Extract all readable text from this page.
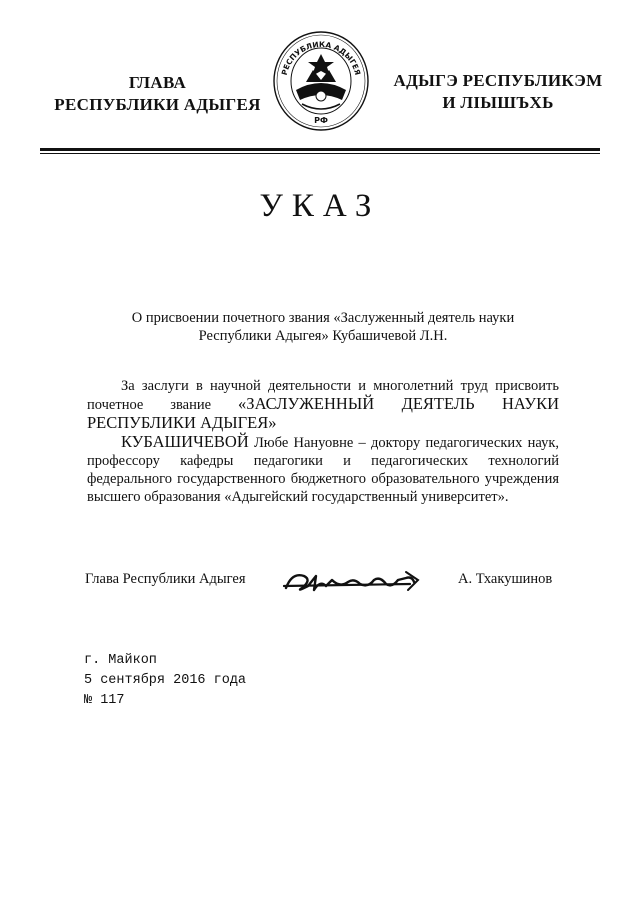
ГЛАВА
РЕСПУБЛИКИ АДЫГЕЯ
РЕСПУБЛИКА АДЫГЕЯ
РФ
АДЫГЭ РЕСПУБЛИКЭМ
И ЛІЫШЪХЬ
УКАЗ
О присвоении почетного звания «Заслуженный деятель науки
Республики Адыгея» Кубашичевой Л.Н.

За заслуги в научной деятельности и многолетний труд присвоить почетное звание «ЗАСЛУЖЕННЫЙ ДЕЯТЕЛЬ НАУКИ РЕСПУБЛИКИ АДЫГЕЯ»

КУБАШИЧЕВОЙ Любе Нануовне – доктору педагогических наук, профессору кафедры педагогики и педагогических технологий федерального государственного бюджетного образовательного учреждения высшего образования «Адыгейский государственный университет».

Глава Республики Адыгея	А. Тхакушинов
г. Майкоп
5 сентября 2016 года
№ 117
